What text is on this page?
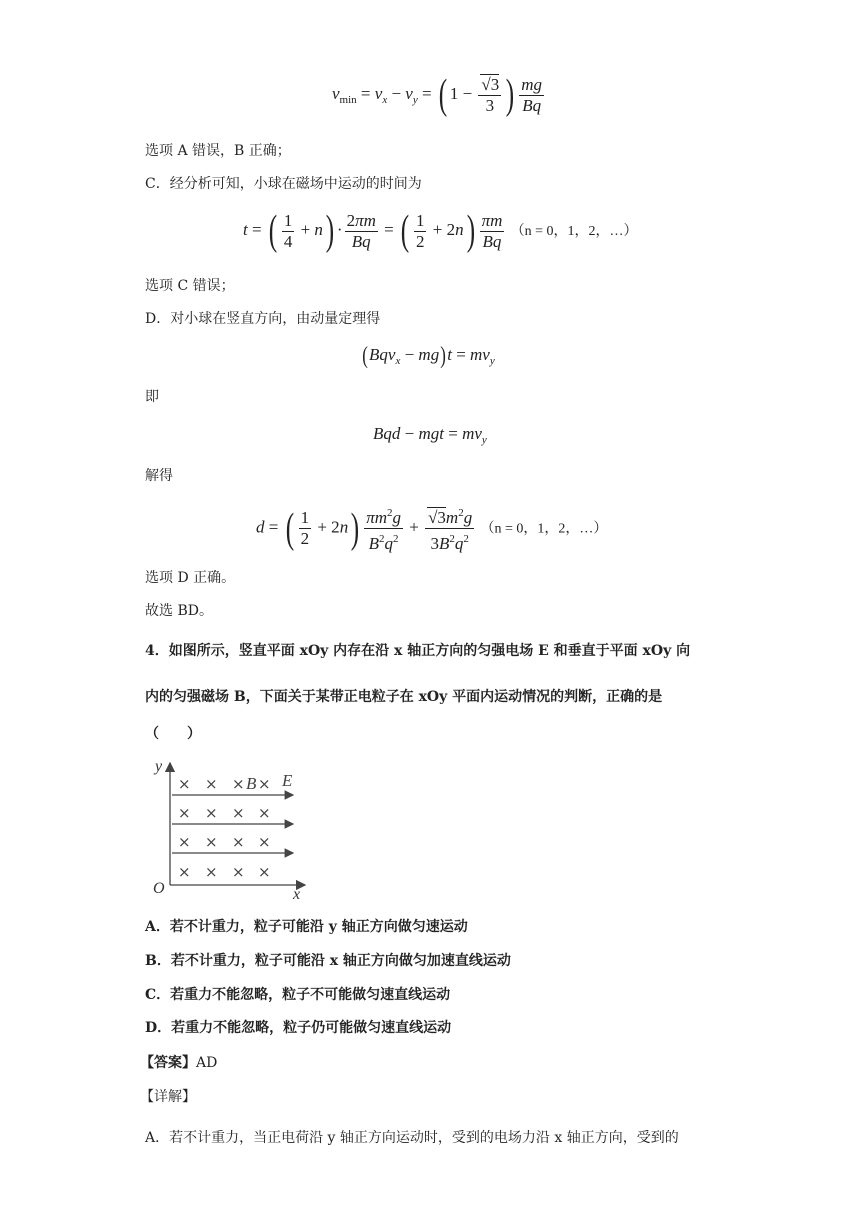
$v_{min} = v_x - v_y$ = ( $1 - \frac{√3}{3}$ ) $\frac{mg}{Bq}$
选项 A 错误，B 正确；
C．经分析可知，小球在磁场中运动的时间为
t = ( $\frac{1}{4} + n) \cdot \frac{2\pi m}{Bq}$ = ( $\frac{1}{2} + 2n) \frac{\pi m}{Bq} (n = 0$，1，2，…）
选项 C 错误；
D．对小球在竖直方向，由动量定理得
$(Bqv_x - mg)t = mv_y$
即
Bqd − mgt = $mv_y$
解得
d = ( $\frac{1}{2} + 2n) \frac{\pi m^2g}{B^2q^2} + \frac{√3m^2g}{3B^2q^2} (n = 0$，1，2，…）
选项 D 正确。
故选 BD。
4．如图所示，竖直平面 xOy 内存在沿 x 轴正方向的匀强电场 E 和垂直于平面 xOy 向
内的匀强磁场 B，下面关于某带正电粒子在 xOy 平面内运动情况的判断，正确的是
（　　）
y
x
O
× × × B × E
× × × ×
× × × ×
× × × ×
A．若不计重力，粒子可能沿 y 轴正方向做匀速运动
B．若不计重力，粒子可能沿 x 轴正方向做匀加速直线运动
C．若重力不能忽略，粒子不可能做匀速直线运动
D．若重力不能忽略，粒子仍可能做匀速直线运动
【答案】AD
【详解】
A．若不计重力，当正电荷沿 y 轴正方向运动时，受到的电场力沿 x 轴正方向，受到的
